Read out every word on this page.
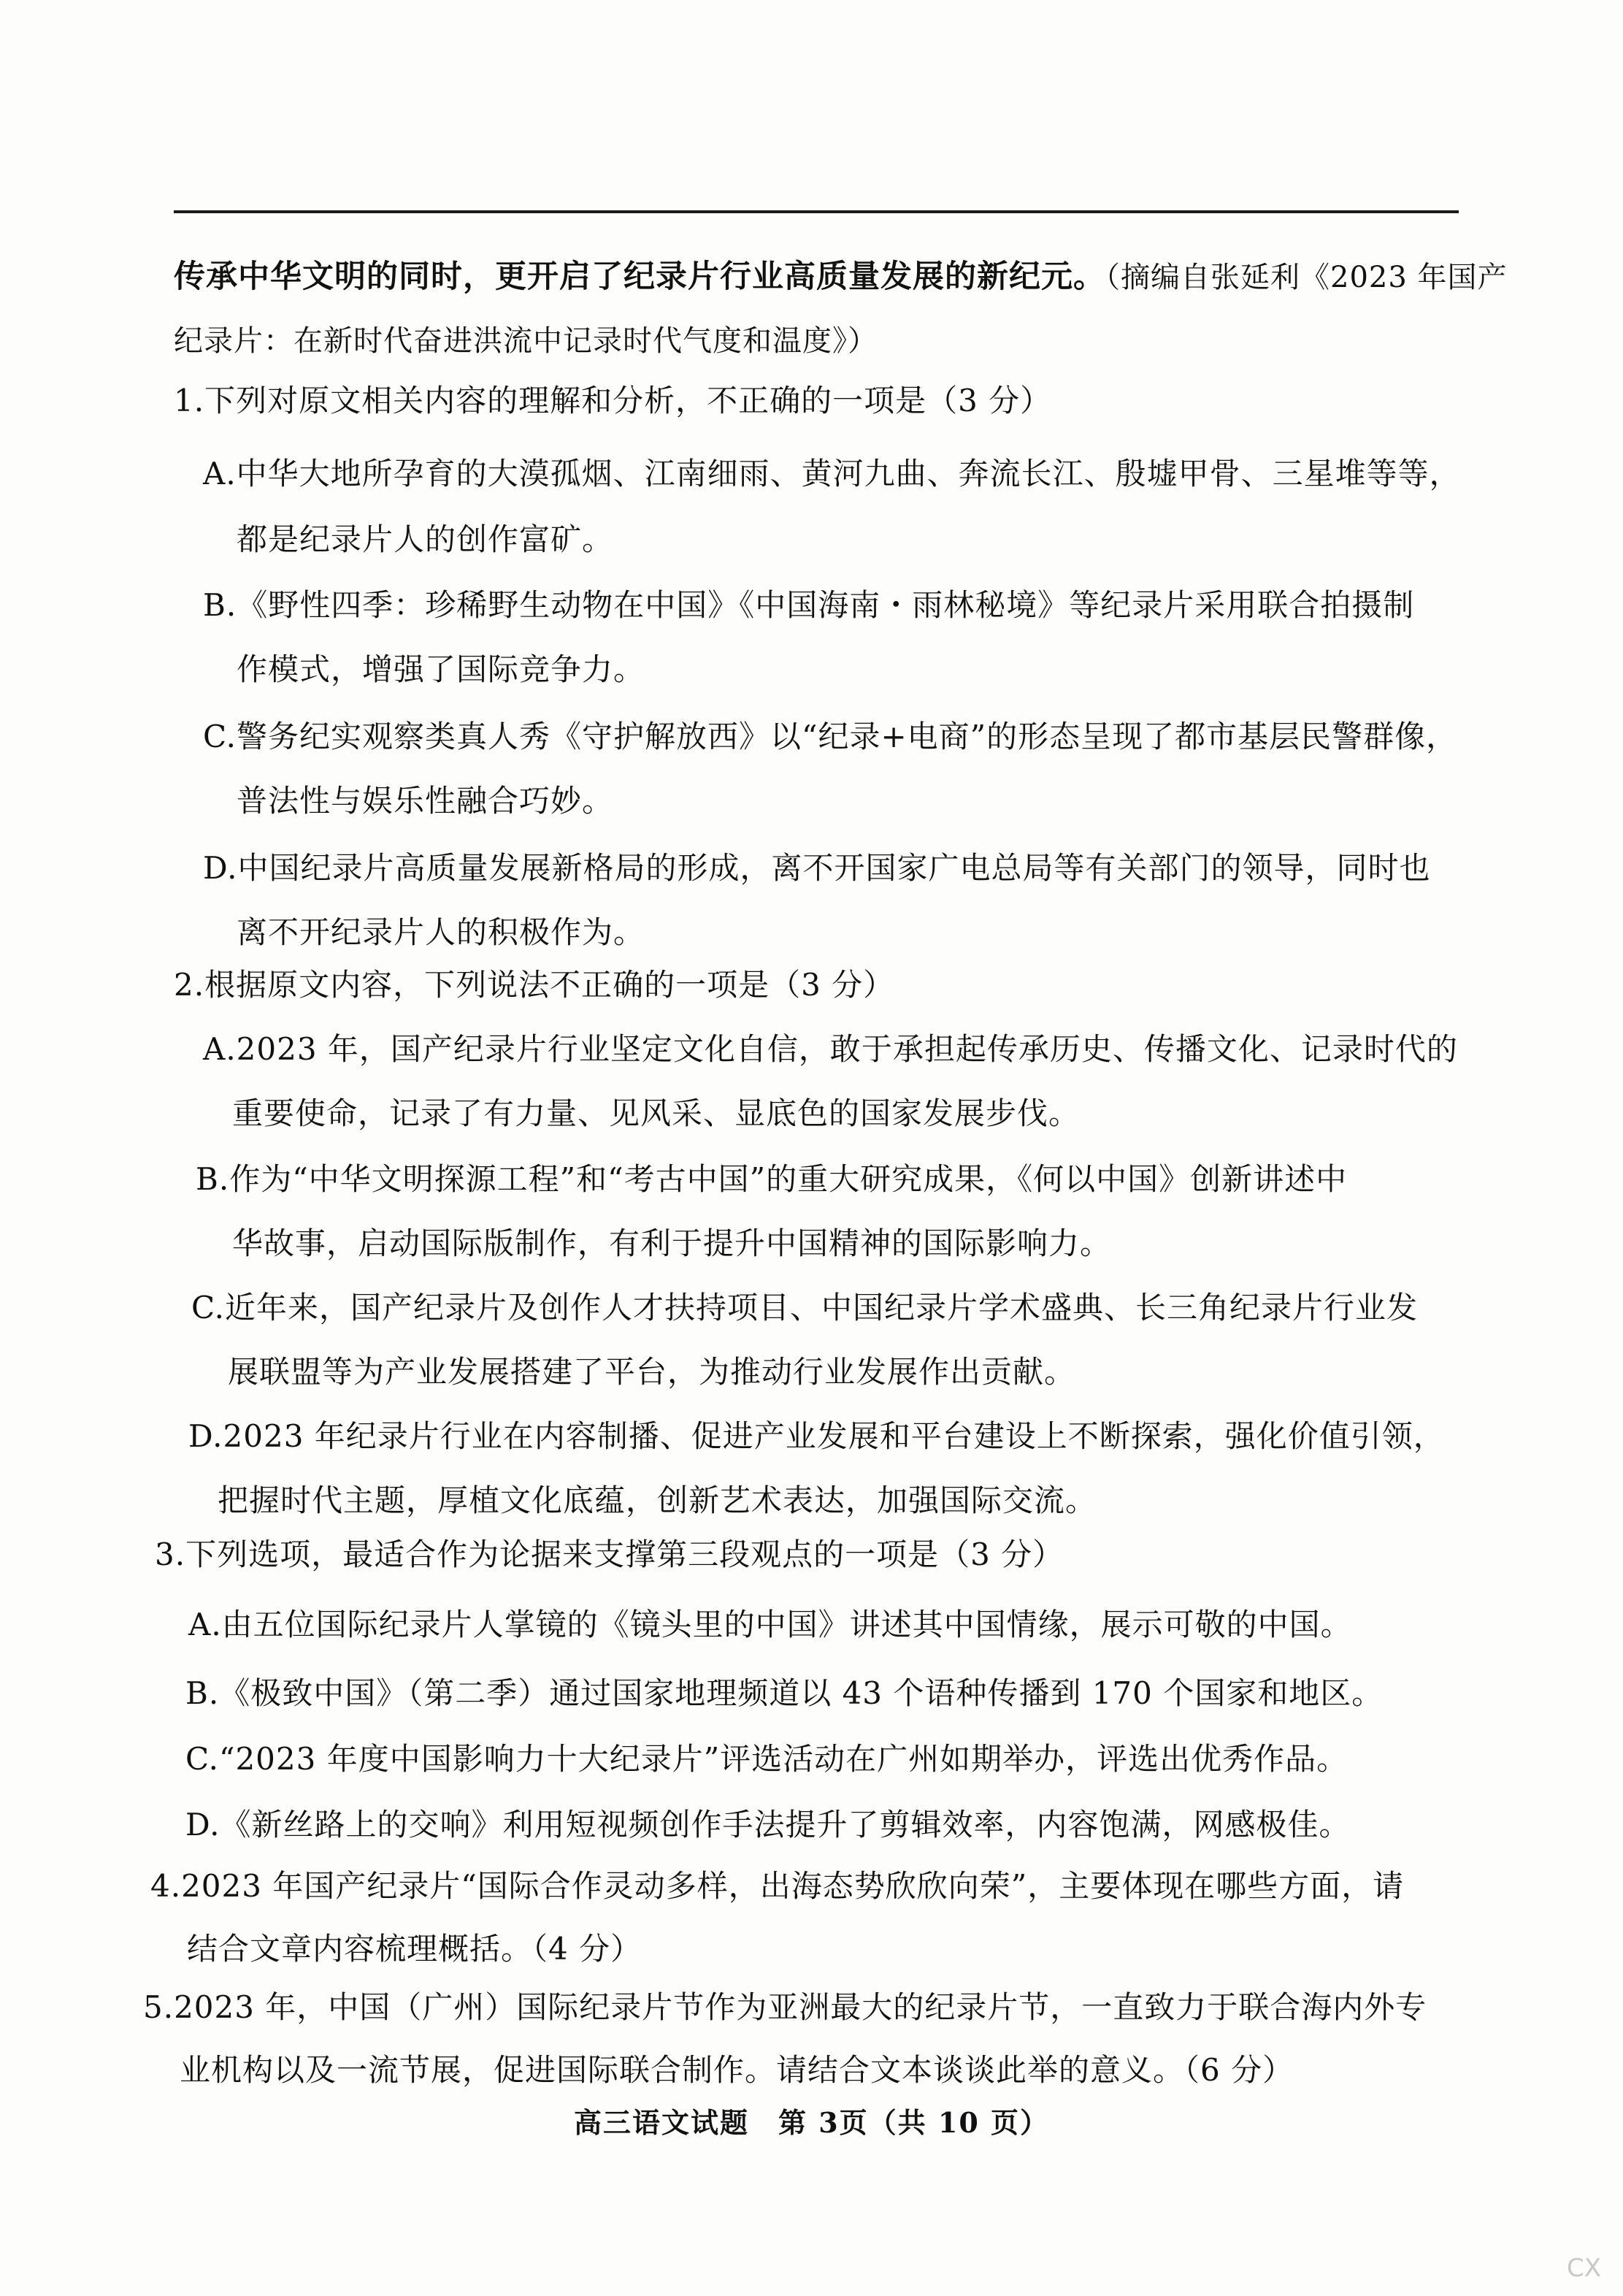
传承中华文明的同时，更开启了纪录片行业高质量发展的新纪元。（摘编自张延利《2023 年国产
纪录片：在新时代奋进洪流中记录时代气度和温度》）
1.下列对原文相关内容的理解和分析，不正确的一项是（3 分）
A.中华大地所孕育的大漠孤烟、江南细雨、黄河九曲、奔流长江、殷墟甲骨、三星堆等等，
都是纪录片人的创作富矿。
B.《野性四季：珍稀野生动物在中国》《中国海南・雨林秘境》等纪录片采用联合拍摄制
作模式，增强了国际竞争力。
C.警务纪实观察类真人秀《守护解放西》以“纪录+电商”的形态呈现了都市基层民警群像，
普法性与娱乐性融合巧妙。
D.中国纪录片高质量发展新格局的形成，离不开国家广电总局等有关部门的领导，同时也
离不开纪录片人的积极作为。
2.根据原文内容，下列说法不正确的一项是（3 分）
A.2023 年，国产纪录片行业坚定文化自信，敢于承担起传承历史、传播文化、记录时代的
重要使命，记录了有力量、见风采、显底色的国家发展步伐。
B.作为“中华文明探源工程”和“考古中国”的重大研究成果，《何以中国》创新讲述中
华故事，启动国际版制作，有利于提升中国精神的国际影响力。
C.近年来，国产纪录片及创作人才扶持项目、中国纪录片学术盛典、长三角纪录片行业发
展联盟等为产业发展搭建了平台，为推动行业发展作出贡献。
D.2023 年纪录片行业在内容制播、促进产业发展和平台建设上不断探索，强化价值引领，
把握时代主题，厚植文化底蕴，创新艺术表达，加强国际交流。
3.下列选项，最适合作为论据来支撑第三段观点的一项是（3 分）
A.由五位国际纪录片人掌镜的《镜头里的中国》讲述其中国情缘，展示可敬的中国。
B.《极致中国》（第二季）通过国家地理频道以 43 个语种传播到 170 个国家和地区。
C.“2023 年度中国影响力十大纪录片”评选活动在广州如期举办，评选出优秀作品。
D.《新丝路上的交响》利用短视频创作手法提升了剪辑效率，内容饱满，网感极佳。
4.2023 年国产纪录片“国际合作灵动多样，出海态势欣欣向荣”，主要体现在哪些方面，请
结合文章内容梳理概括。（4 分）
5.2023 年，中国（广州）国际纪录片节作为亚洲最大的纪录片节，一直致力于联合海内外专
业机构以及一流节展，促进国际联合制作。请结合文本谈谈此举的意义。（6 分）
高三语文试题　第 3页（共 10 页）
CX
